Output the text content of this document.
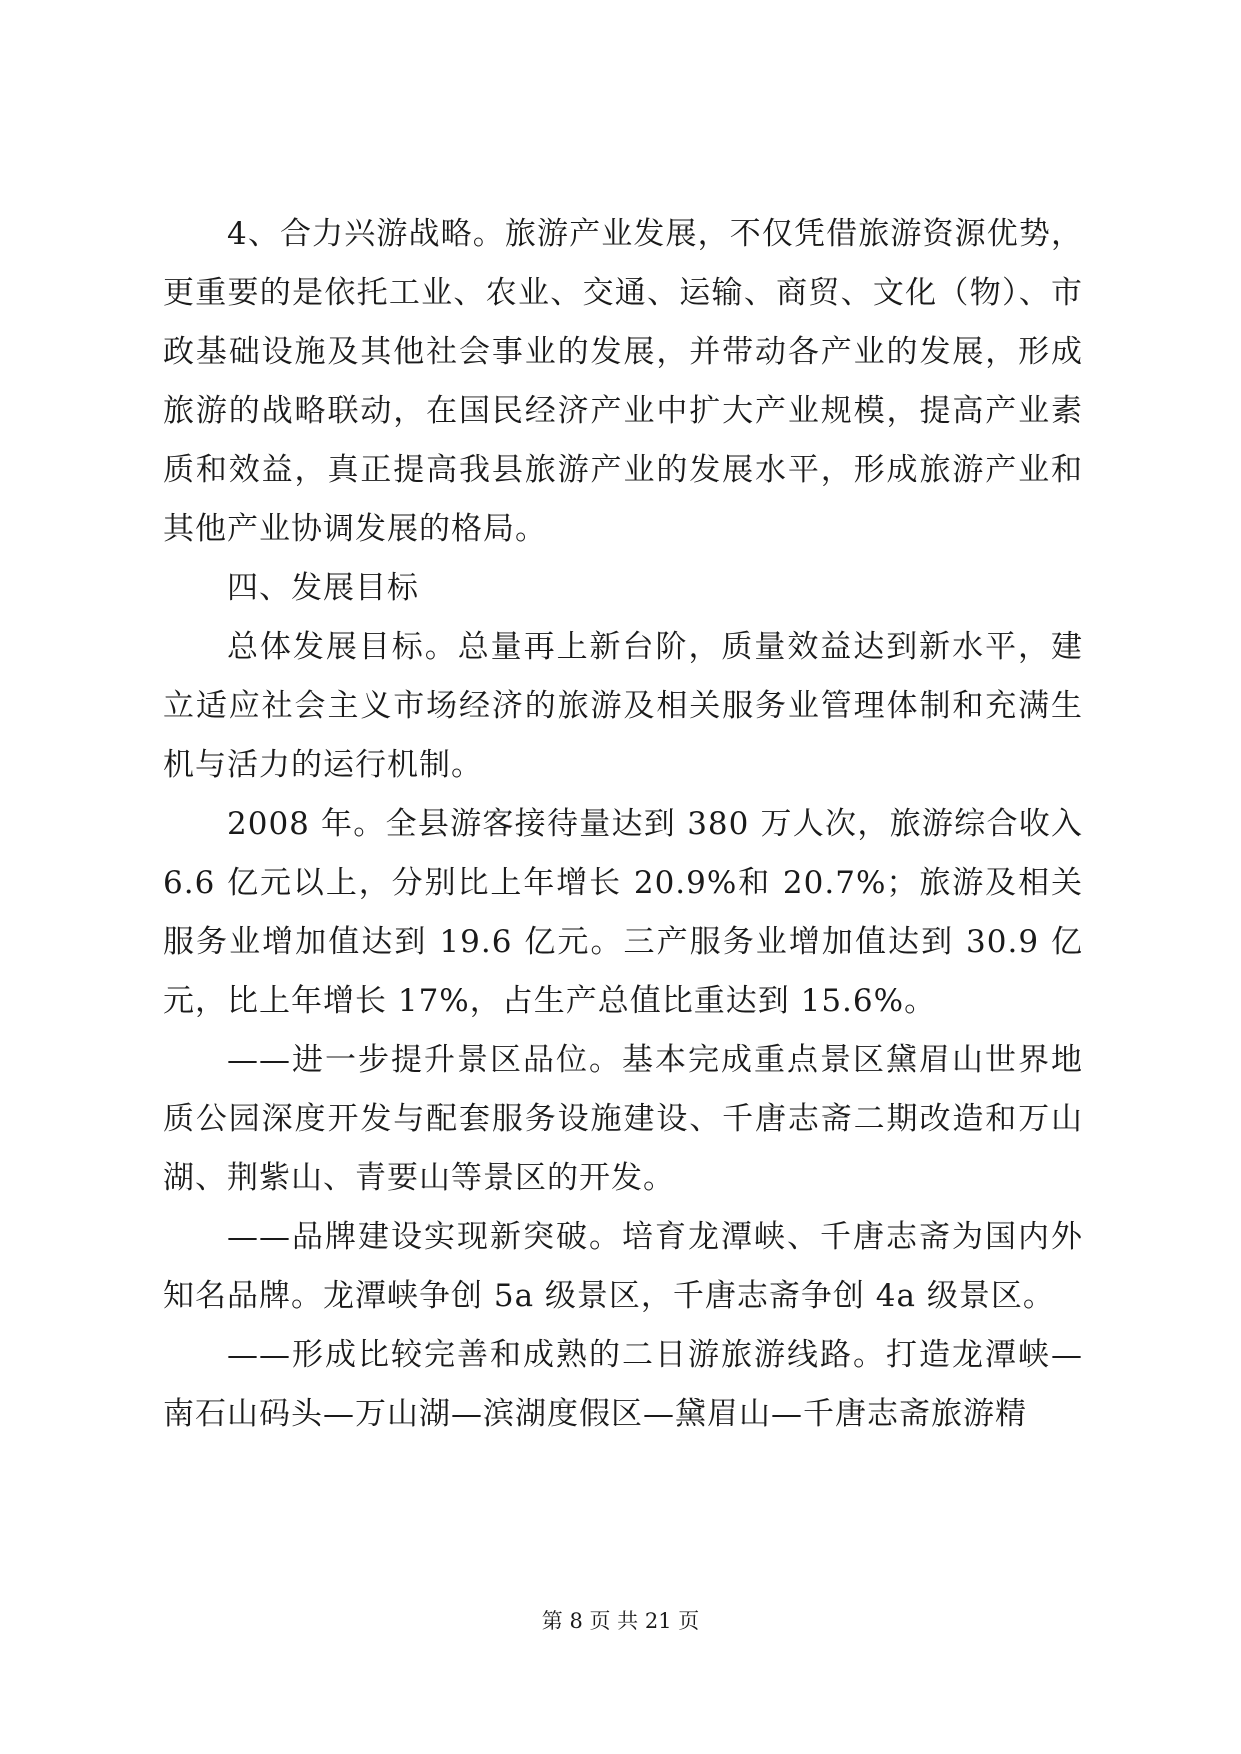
4、合力兴游战略。旅游产业发展，不仅凭借旅游资源优势，更重要的是依托工业、农业、交通、运输、商贸、文化（物）、市政基础设施及其他社会事业的发展，并带动各产业的发展，形成旅游的战略联动，在国民经济产业中扩大产业规模，提高产业素质和效益，真正提高我县旅游产业的发展水平，形成旅游产业和其他产业协调发展的格局。

四、发展目标

总体发展目标。总量再上新台阶，质量效益达到新水平，建立适应社会主义市场经济的旅游及相关服务业管理体制和充满生机与活力的运行机制。

2008 年。全县游客接待量达到 380 万人次，旅游综合收入 6.6 亿元以上，分别比上年增长 20.9%和 20.7%；旅游及相关服务业增加值达到 19.6 亿元。三产服务业增加值达到 30.9 亿元，比上年增长 17%，占生产总值比重达到 15.6%。

——进一步提升景区品位。基本完成重点景区黛眉山世界地质公园深度开发与配套服务设施建设、千唐志斋二期改造和万山湖、荆紫山、青要山等景区的开发。

——品牌建设实现新突破。培育龙潭峡、千唐志斋为国内外知名品牌。龙潭峡争创 5a 级景区，千唐志斋争创 4a 级景区。

——形成比较完善和成熟的二日游旅游线路。打造龙潭峡—南石山码头—万山湖—滨湖度假区—黛眉山—千唐志斋旅游精

第 8 页 共 21 页
